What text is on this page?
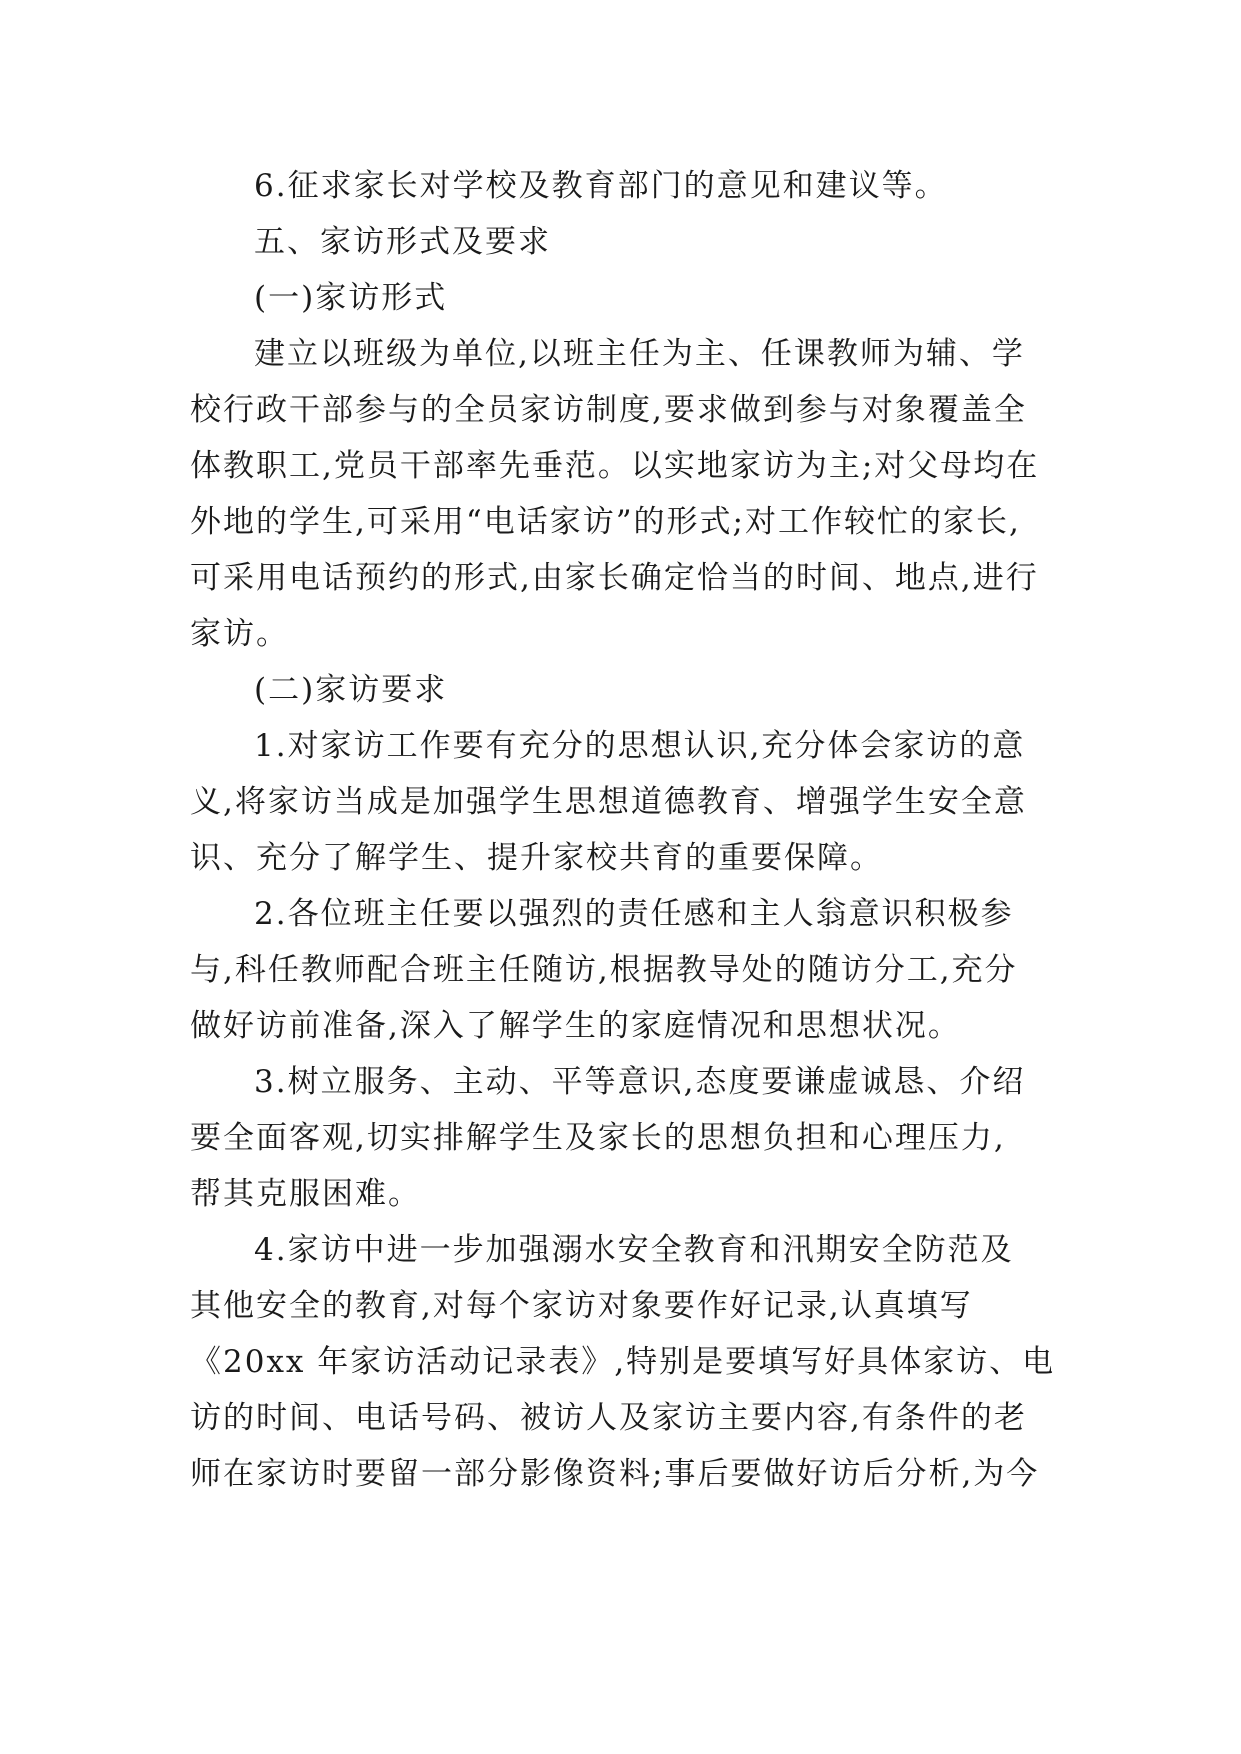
6.征求家长对学校及教育部门的意见和建议等。
五、家访形式及要求
(一)家访形式
建立以班级为单位,以班主任为主、任课教师为辅、学
校行政干部参与的全员家访制度,要求做到参与对象覆盖全
体教职工,党员干部率先垂范。以实地家访为主;对父母均在
外地的学生,可采用“电话家访”的形式;对工作较忙的家长,
可采用电话预约的形式,由家长确定恰当的时间、地点,进行
家访。
(二)家访要求
1.对家访工作要有充分的思想认识,充分体会家访的意
义,将家访当成是加强学生思想道德教育、增强学生安全意
识、充分了解学生、提升家校共育的重要保障。
2.各位班主任要以强烈的责任感和主人翁意识积极参
与,科任教师配合班主任随访,根据教导处的随访分工,充分
做好访前准备,深入了解学生的家庭情况和思想状况。
3.树立服务、主动、平等意识,态度要谦虚诚恳、介绍
要全面客观,切实排解学生及家长的思想负担和心理压力,
帮其克服困难。
4.家访中进一步加强溺水安全教育和汛期安全防范及
其他安全的教育,对每个家访对象要作好记录,认真填写
《20xx 年家访活动记录表》,特别是要填写好具体家访、电
访的时间、电话号码、被访人及家访主要内容,有条件的老
师在家访时要留一部分影像资料;事后要做好访后分析,为今
